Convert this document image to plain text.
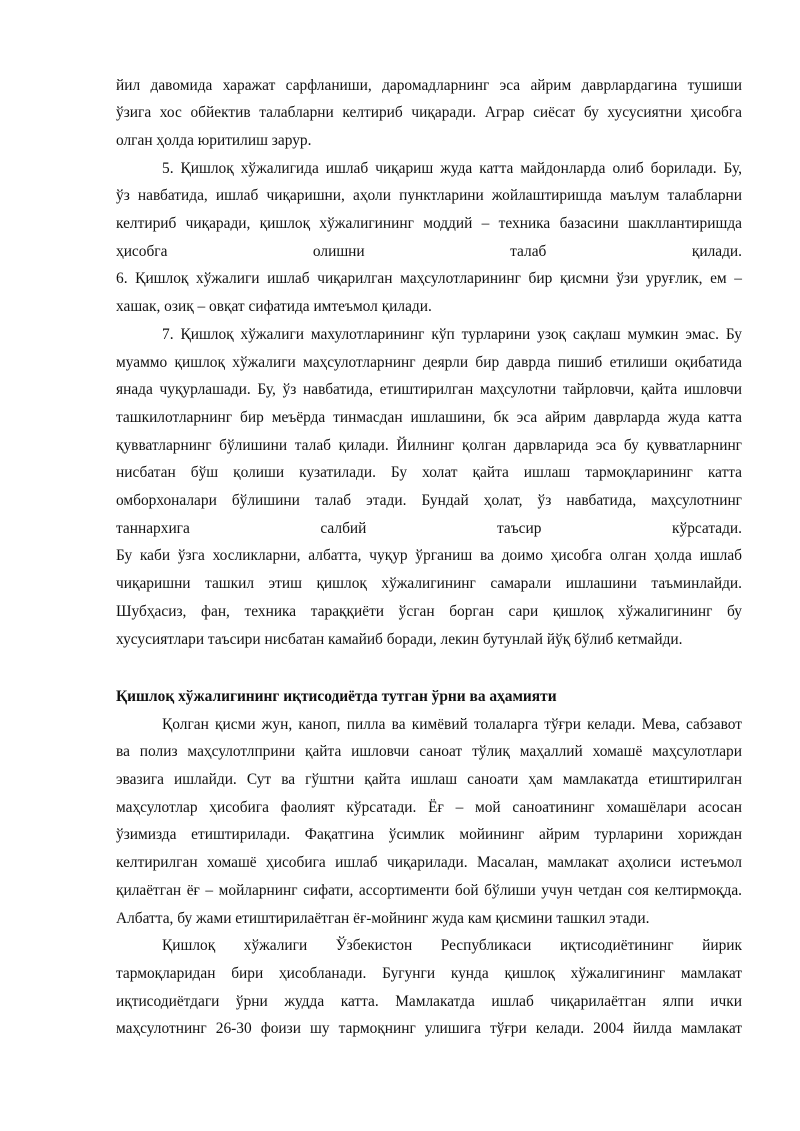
йил давомида харажат сарфланиши, даромадларнинг эса айрим даврлардагина тушиши
ўзига хос обйектив талабларни келтириб чиқаради. Аграр сиёсат бу хусусиятни ҳисобга
олган ҳолда юритилиш зарур.
5. Қишлоқ хўжалигида ишлаб чиқариш жуда катта майдонларда олиб борилади. Бу,
ўз навбатида, ишлаб чиқаришни, аҳоли пунктларини жойлаштиришда маълум талабларни
келтириб чиқаради, қишлоқ хўжалигининг моддий – техника базасини шакллантиришда
ҳисобга олишни талаб қилади.
6. Қишлоқ хўжалиги ишлаб чиқарилган маҳсулотларининг бир қисмни ўзи уруғлик, ем –
хашак, озиқ – овқат сифатида имтеъмол қилади.
7. Қишлоқ хўжалиги махулотларининг кўп турларини узоқ сақлаш мумкин эмас. Бу
муаммо қишлоқ хўжалиги маҳсулотларнинг деярли бир даврда пишиб етилиши оқибатида
янада чуқурлашади. Бу, ўз навбатида, етиштирилган маҳсулотни тайрловчи, қайта ишловчи
ташкилотларнинг бир меъёрда тинмасдан ишлашини, бк эса айрим даврларда жуда катта
қувватларнинг бўлишини талаб қилади. Йилнинг қолган дарвларида эса бу қувватларнинг
нисбатан бўш қолиши кузатилади. Бу холат қайта ишлаш тармоқларининг катта
омборхоналари бўлишини талаб этади. Бундай ҳолат, ўз навбатида, маҳсулотнинг
таннархига салбий таъсир кўрсатади.
Бу каби ўзга хосликларни, албатта, чуқур ўрганиш ва доимо ҳисобга олган ҳолда ишлаб
чиқаришни ташкил этиш қишлоқ хўжалигининг самарали ишлашини таъминлайди.
Шубҳасиз, фан, техника тараққиёти ўсган борган сари қишлоқ хўжалигининг бу
хусусиятлари таъсири нисбатан камайиб боради, лекин бутунлай йўқ бўлиб кетмайди.
Қишлоқ хўжалигининг иқтисодиётда тутган ўрни ва аҳамияти
Қолган қисми жун, каноп, пилла ва кимёвий толаларга тўғри келади. Мева, сабзавот
ва полиз маҳсулотлприни қайта ишловчи саноат тўлиқ маҳаллий хомашё маҳсулотлари
эвазига ишлайди. Сут ва гўштни қайта ишлаш саноати ҳам мамлакатда етиштирилган
маҳсулотлар ҳисобига фаолият кўрсатади. Ёғ – мой саноатининг хомашёлари асосан
ўзимизда етиштирилади. Фақатгина ўсимлик мойининг айрим турларини хориждан
келтирилган хомашё ҳисобига ишлаб чиқарилади. Масалан, мамлакат аҳолиси истеъмол
қилаётган ёғ – мойларнинг сифати, ассортименти бой бўлиши учун четдан соя келтирмоқда.
Албатта, бу жами етиштирилаётган ёғ-мойнинг жуда кам қисмини ташкил этади.
Қишлоқ хўжалиги Ўзбекистон Республикаси иқтисодиётининг йирик
тармоқларидан бири ҳисобланади. Бугунги кунда қишлоқ хўжалигининг мамлакат
иқтисодиётдаги ўрни жудда катта. Мамлакатда ишлаб чиқарилаётган ялпи ички
маҳсулотнинг 26-30 фоизи шу тармоқнинг улишига тўғри келади. 2004 йилда мамлакат
